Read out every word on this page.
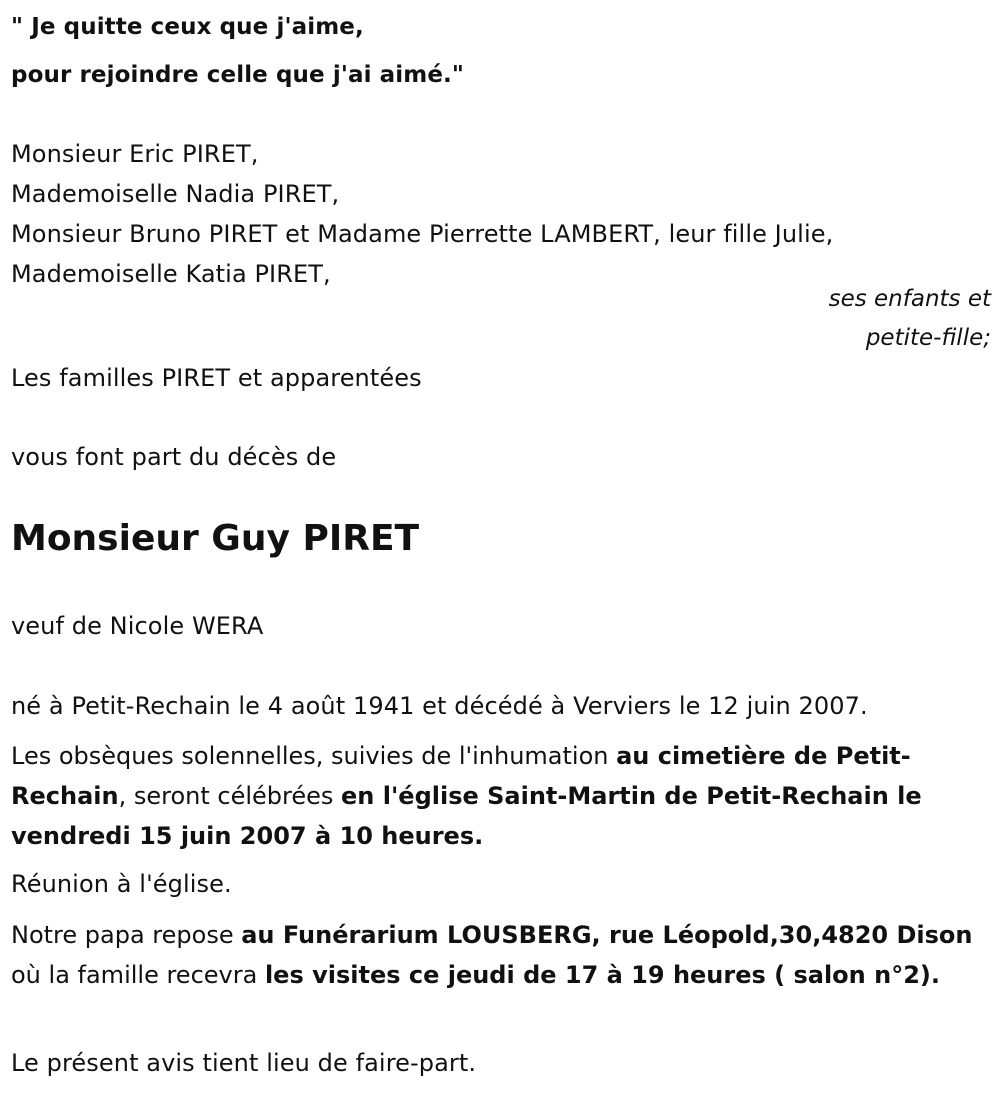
" Je quitte ceux que j'aime,
pour rejoindre celle que j'ai aimé."
Monsieur Eric PIRET,
Mademoiselle Nadia PIRET,
Monsieur Bruno PIRET et Madame Pierrette LAMBERT, leur fille Julie,
Mademoiselle Katia PIRET,
ses enfants et
petite-fille;
Les familles PIRET et apparentées
vous font part du décès de
Monsieur Guy PIRET
veuf de Nicole WERA
né à Petit-Rechain le 4 août 1941 et décédé à Verviers le 12 juin 2007.
Les obsèques solennelles, suivies de l'inhumation au cimetière de Petit-Rechain, seront célébrées en l'église Saint-Martin de Petit-Rechain le vendredi 15 juin 2007 à 10 heures.
Réunion à l'église.
Notre papa repose au Funérarium LOUSBERG, rue Léopold,30,4820 Dison où la famille recevra les visites ce jeudi de 17 à 19 heures ( salon n°2).
Le présent avis tient lieu de faire-part.
